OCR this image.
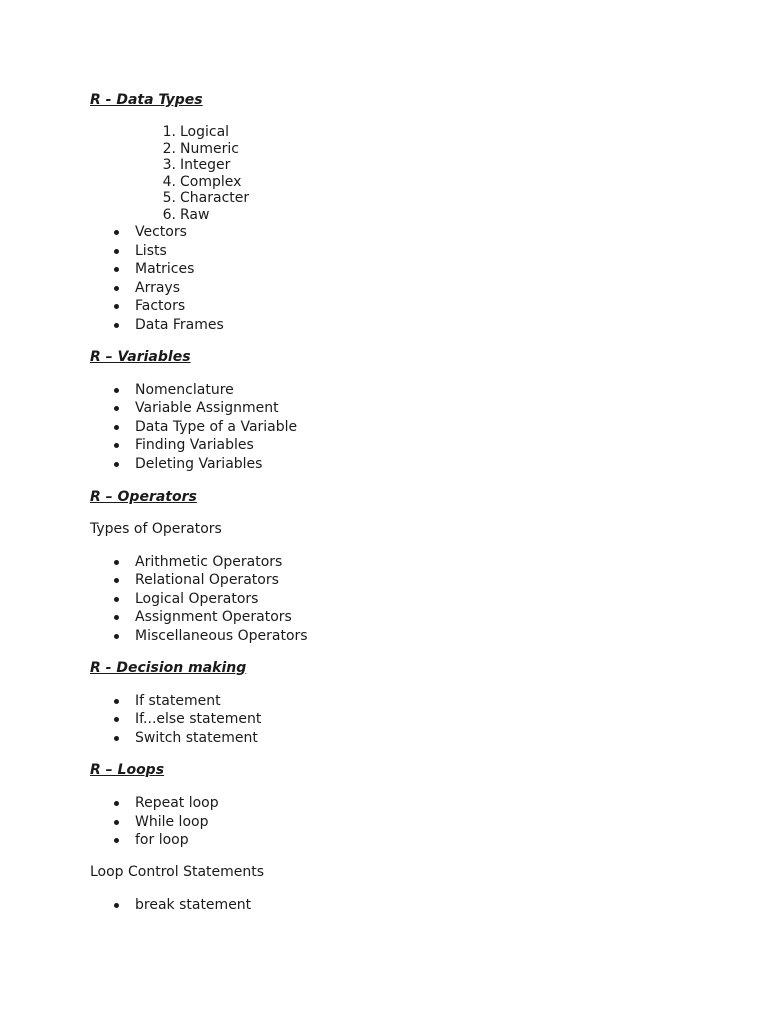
R - Data Types

1. Logical
2. Numeric
3. Integer
4. Complex
5. Character
6. Raw
Vectors
Lists
Matrices
Arrays
Factors
Data Frames

R – Variables

Nomenclature
Variable Assignment
Data Type of a Variable
Finding Variables
Deleting Variables

R – Operators

Types of Operators

Arithmetic Operators
Relational Operators
Logical Operators
Assignment Operators
Miscellaneous Operators

R - Decision making

If statement
If...else statement
Switch statement

R – Loops

Repeat loop
While loop
for loop

Loop Control Statements

break statement
